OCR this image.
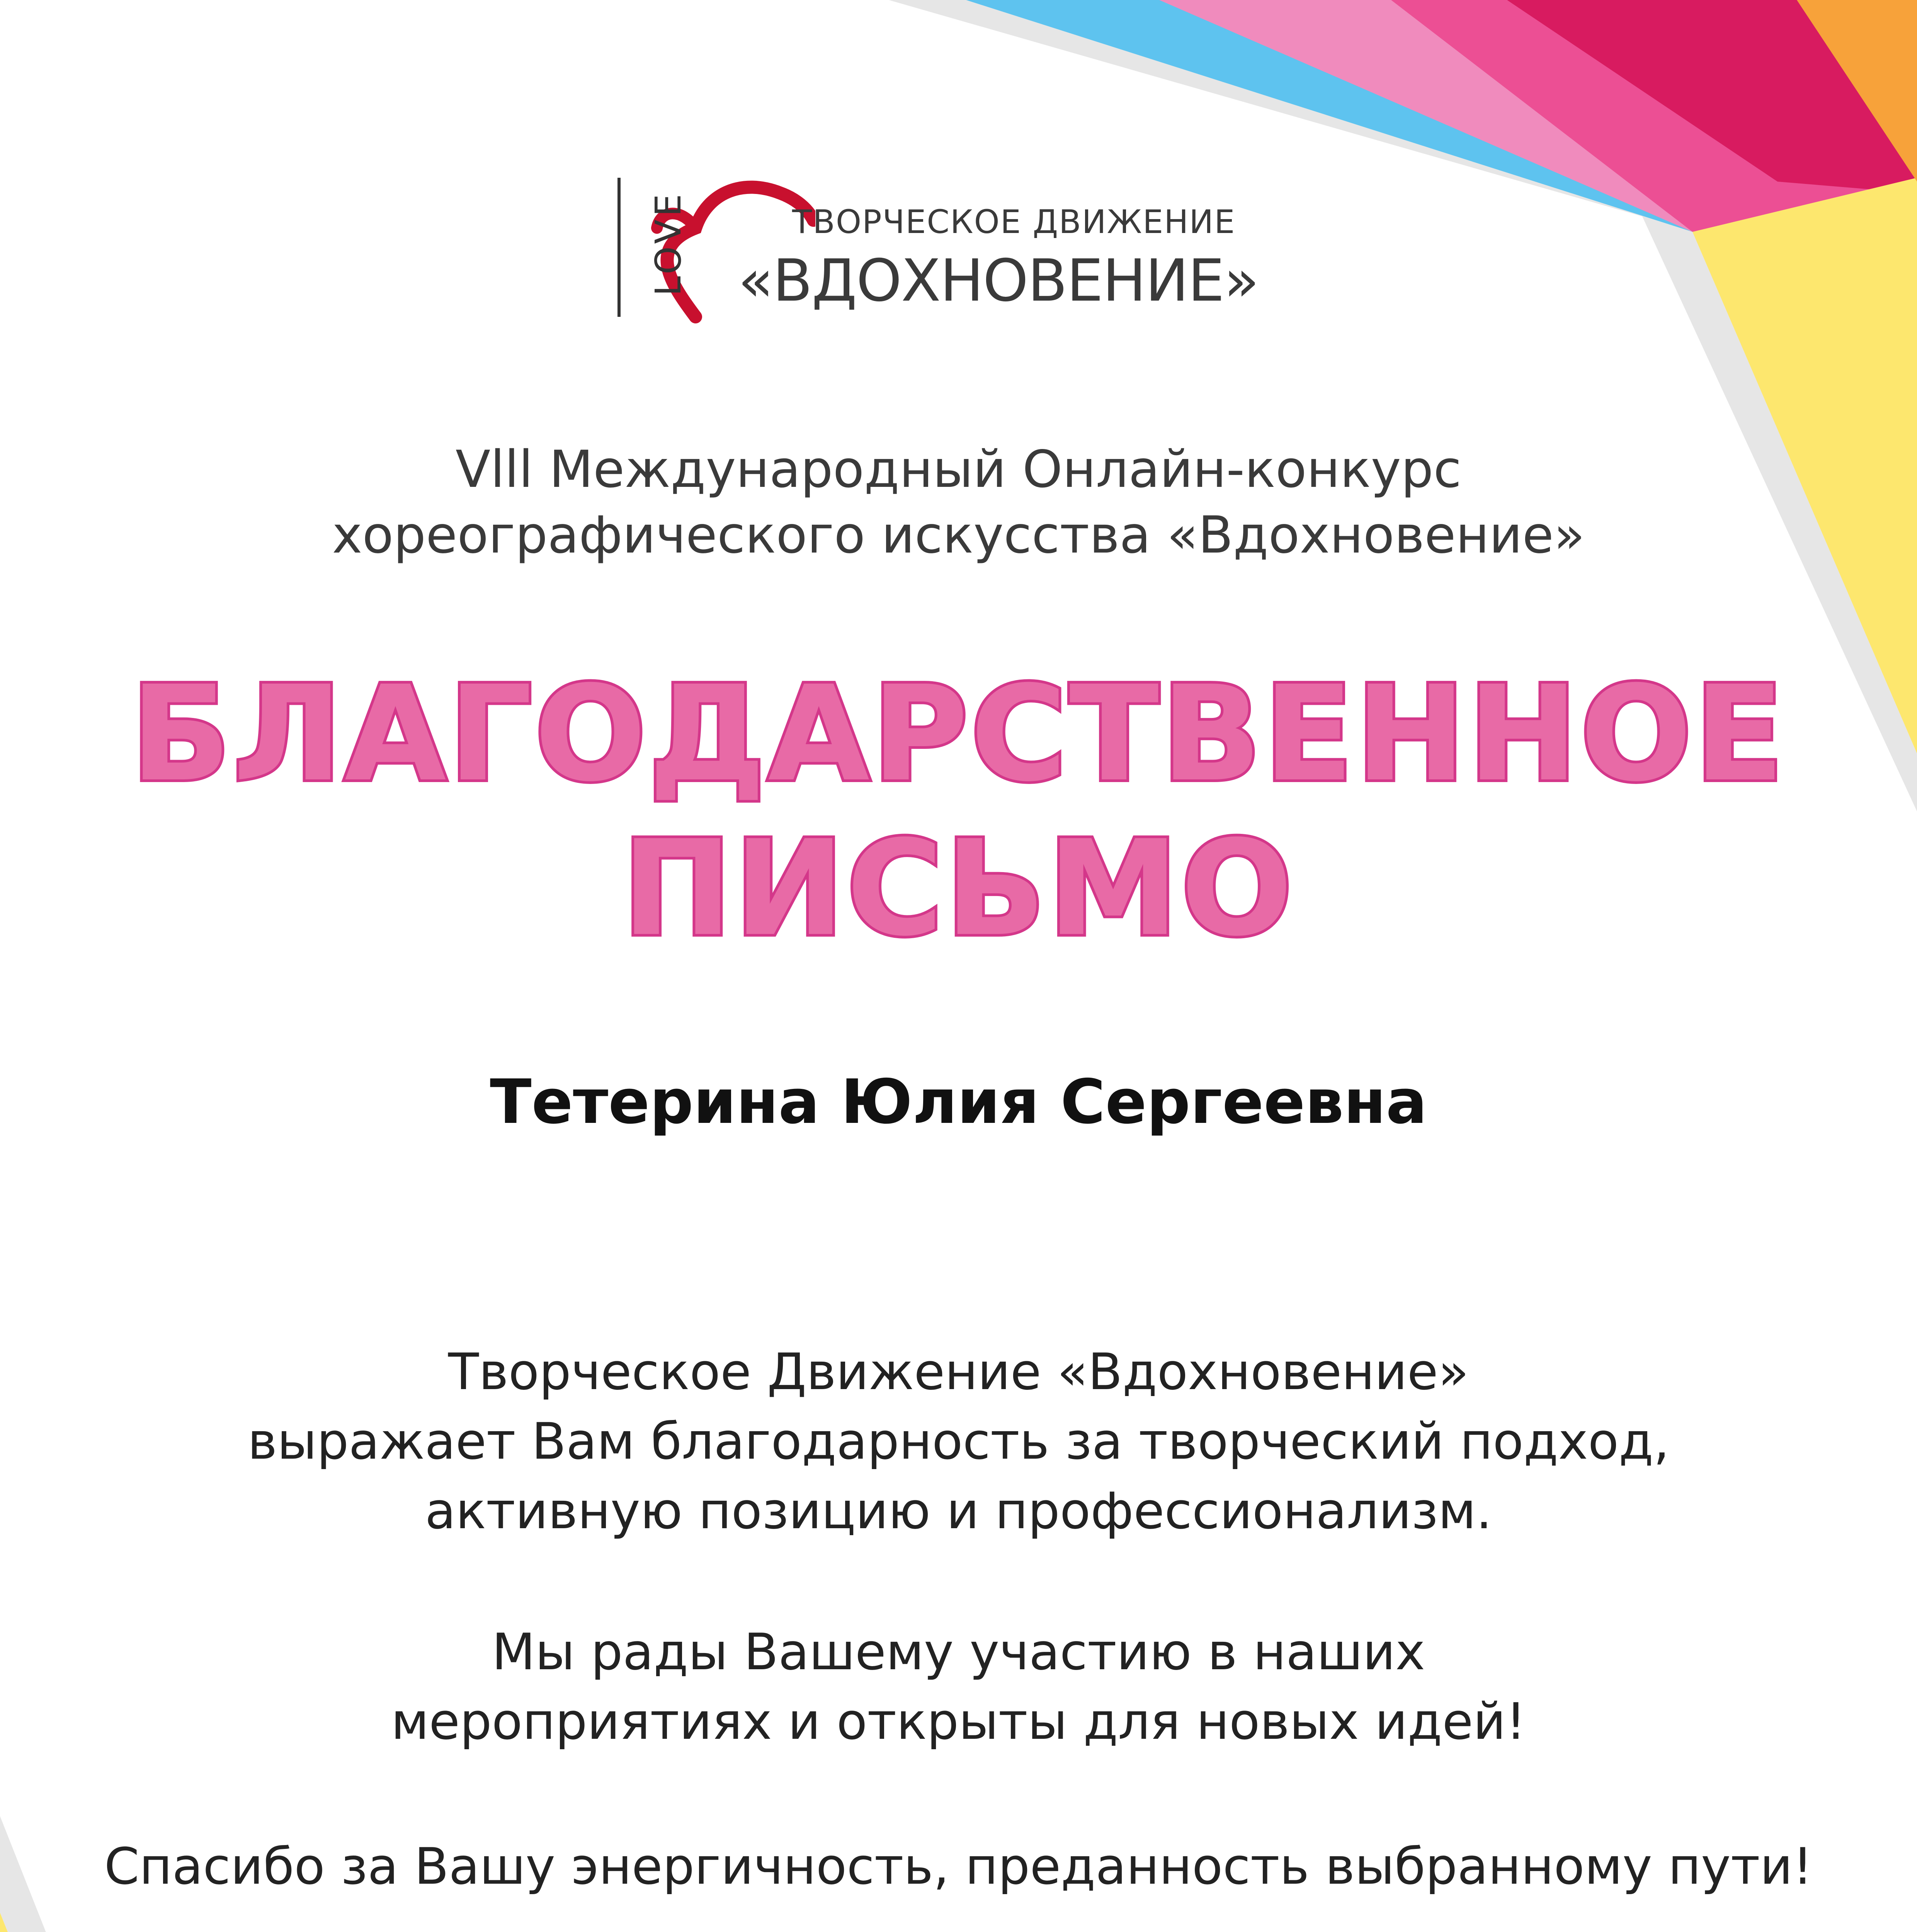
LOVE	ТВОРЧЕСКОЕ ДВИЖЕНИЕ
«ВДОХНОВЕНИЕ»
Vlll Международный Онлайн-конкурс
хореографического искусства «Вдохновение»
БЛАГОДАРСТВЕННОЕ
ПИСЬМО
Тетерина Юлия Сергеевна
Творческое Движение «Вдохновение»
выражает Вам благодарность за творческий подход,
активную позицию и профессионализм.
Мы рады Вашему участию в наших
мероприятиях и открыты для новых идей!
Спасибо за Вашу энергичность, преданность выбранному пути!
